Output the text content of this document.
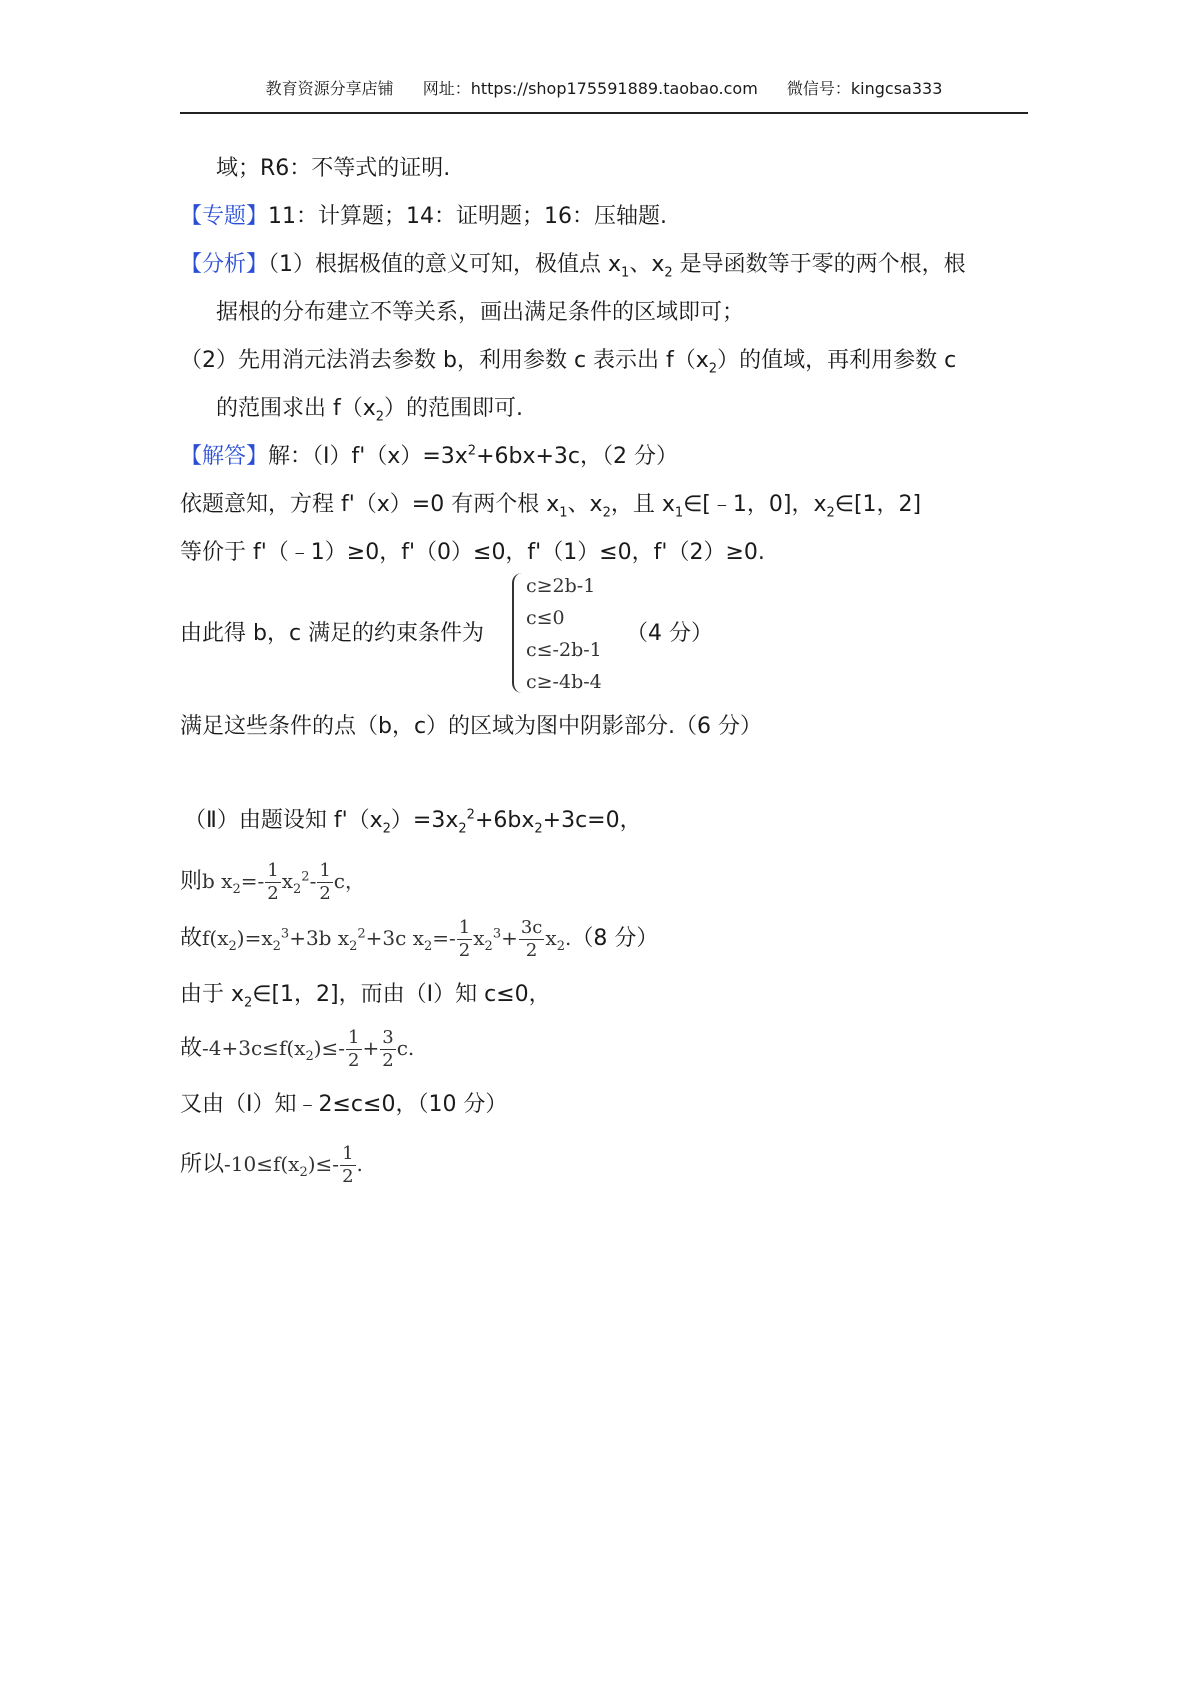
教育资源分享店铺 网址：https://shop175591889.taobao.com 微信号：kingcsa333
域；R6：不等式的证明.
【专题】11：计算题；14：证明题；16：压轴题.
【分析】（1）根据极值的意义可知，极值点 $x_1$、$x_2$ 是导函数等于零的两个根，根
据根的分布建立不等关系，画出满足条件的区域即可；
（2）先用消元法消去参数 b，利用参数 c 表示出 $f(x_2)$的值域，再利用参数 c
的范围求出 $f(x_2)$的范围即可.
【解答】解：$(Ⅰ)f'(x)=3x^2+6bx+3c$，（2 分）
依题意知，方程 f'（x）=0 有两个根 $x_1$、$x_2$，且 $x_1\in[﹣1$，0]，$x_2\in[1$，2]
等价于 f'（﹣1）≥0，f'（0）≤0，f'（1）≤0，f'（2）≥0.
由此得 b，c 满足的约束条件为
c≥2b-1
c≤0
c≤-2b-1
c≥-4b-4
（4 分）
满足这些条件的点（b，c）的区域为图中阴影部分.（6 分）
（Ⅱ）由题设知 $f'(x_2)=3x_2^2+6bx_2+3c=0$，
则b $x_2=- \frac{1}{2} x_2^2- \frac{1}{2}$ c，
故$f(x_2)=x_2^3+3b$ $x_2^2+3c$ $x_2=- \frac{1}{2} x_2^3+ \frac{3c}{2} x_2.(8$ 分）
由于 $x_2\in[1$，2]，而由（Ⅰ）知 c≤0，
故$-4+3c\le f(x_2)\le- \frac{1}{2} + \frac{3}{2} c$.
又由（Ⅰ）知﹣2≤c≤0，（10 分）
所以$-10\le f(x_2)\le- \frac{1}{2}$ .
